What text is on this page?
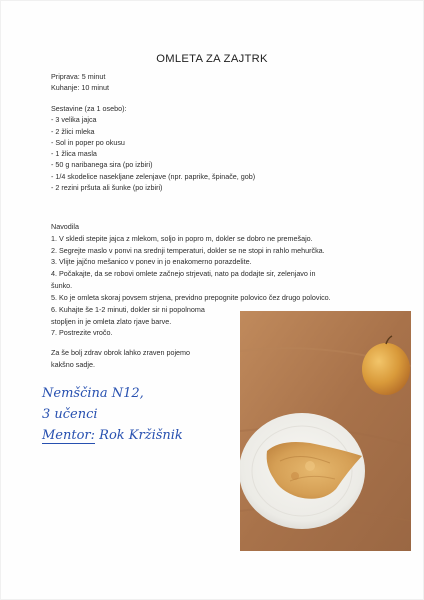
OMLETA ZA ZAJTRK
Priprava: 5 minut
Kuhanje: 10 minut
Sestavine (za 1 osebo):
- 3 velika jajca
- 2 žlici mleka
- Sol in poper po okusu
- 1 žlica masla
- 50 g naribanega sira (po izbiri)
- 1/4 skodelice nasekljane zelenjave (npr. paprike, špinače, gob)
- 2 rezini pršuta ali šunke (po izbiri)
Navodila
1. V skledi stepite jajca z mlekom, soljo in popro m, dokler se dobro ne premešajo.
2. Segrejte maslo v ponvi na srednji temperaturi, dokler se ne stopi in rahlo mehurčka.
3. Vlijte jajčno mešanico v ponev in jo enakomerno porazdelite.
4. Počakajte, da se robovi omlete začnejo strjevati, nato pa dodajte sir, zelenjavo in
šunko.
5. Ko je omleta skoraj povsem strjena, previdno prepognite polovico čez drugo polovico.
6. Kuhajte še 1-2 minuti, dokler sir ni popolnoma
stopljen in je omleta zlato rjave barve.
7. Postrezite vročo.
Za še bolj zdrav obrok lahko zraven pojemo
kakšno sadje.
Nemščina N12,
3 učenci
Mentor: Rok Kržišnik
